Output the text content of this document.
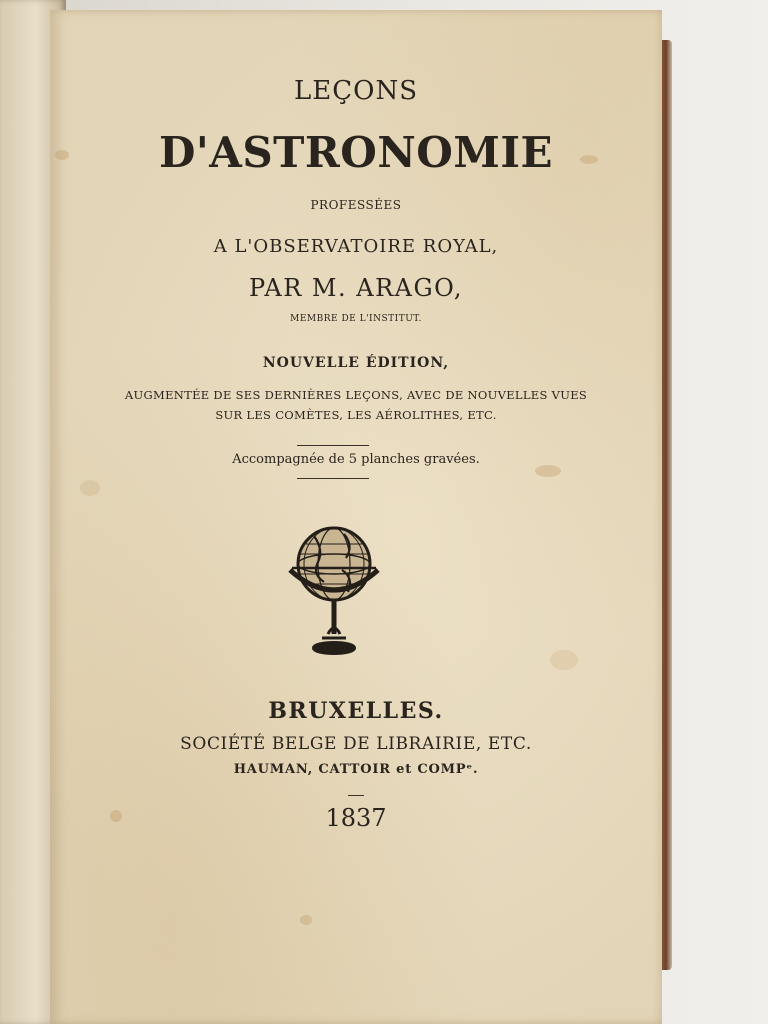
LEÇONS
D'ASTRONOMIE
PROFESSÉES
A L'OBSERVATOIRE ROYAL,
PAR M. ARAGO,
MEMBRE DE L'INSTITUT.
NOUVELLE ÉDITION,
AUGMENTÉE DE SES DERNIÈRES LEÇONS, AVEC DE NOUVELLES VUES
SUR LES COMÈTES, LES AÉROLITHES, ETC.
Accompagnée de 5 planches gravées.
BRUXELLES.
SOCIÉTÉ BELGE DE LIBRAIRIE, ETC.
HAUMAN, CATTOIR et COMPᵉ.
1837
